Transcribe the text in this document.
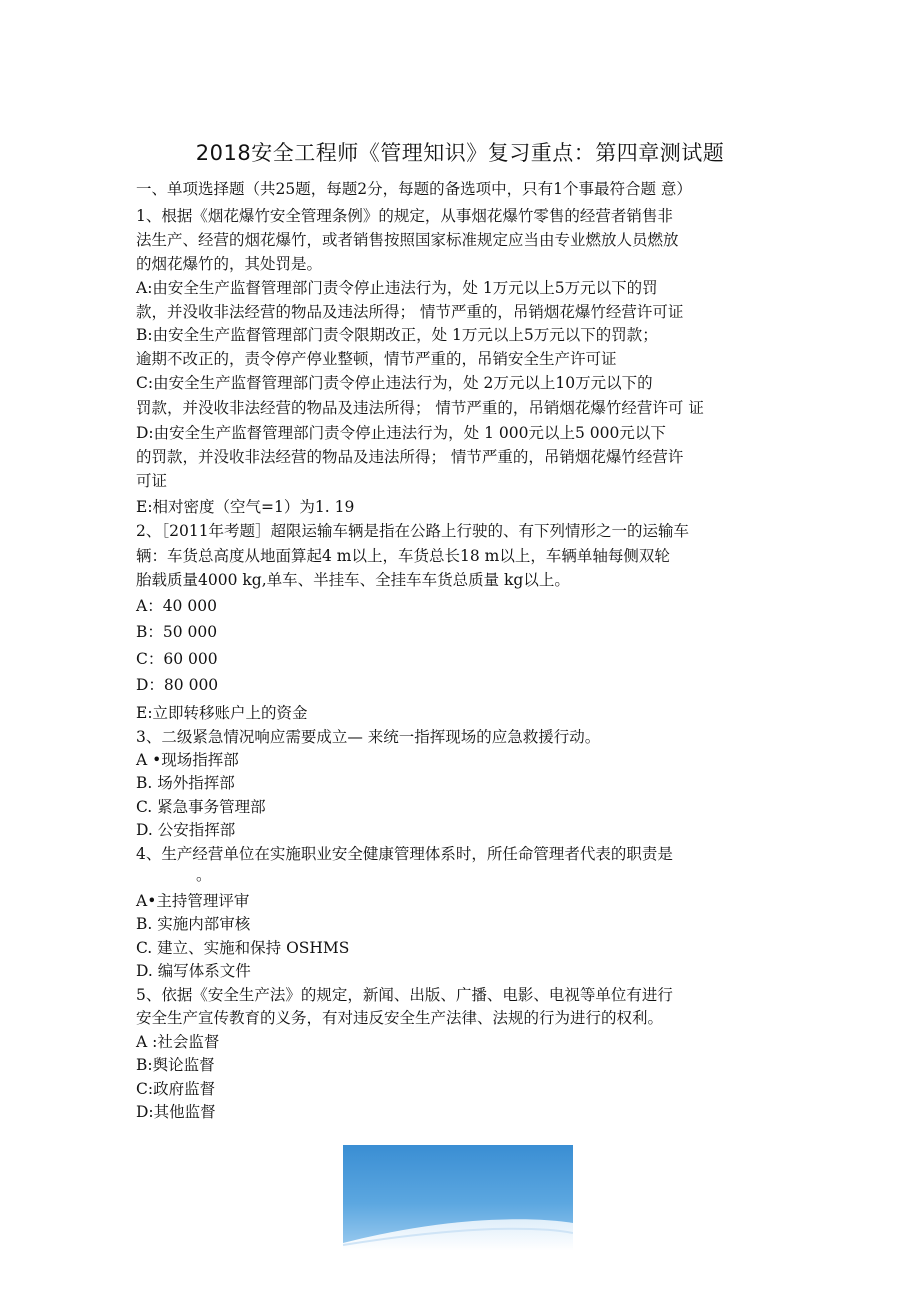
2018安全工程师《管理知识》复习重点：第四章测试题
一、单项选择题（共25题，每题2分，每题的备选项中，只有1个事最符合题 意）
1、根据《烟花爆竹安全管理条例》的规定，从事烟花爆竹零售的经营者销售非
法生产、经营的烟花爆竹，或者销售按照国家标准规定应当由专业燃放人员燃放
的烟花爆竹的，其处罚是。
A:由安全生产监督管理部门责令停止违法行为，处 1万元以上5万元以下的罚
款，并没收非法经营的物品及违法所得； 情节严重的，吊销烟花爆竹经营许可证
B:由安全生产监督管理部门责令限期改正，处 1万元以上5万元以下的罚款；
逾期不改正的，责令停产停业整顿，情节严重的，吊销安全生产许可证
C:由安全生产监督管理部门责令停止违法行为，处 2万元以上10万元以下的
罚款，并没收非法经营的物品及违法所得； 情节严重的，吊销烟花爆竹经营许可 证
D:由安全生产监督管理部门责令停止违法行为，处 1 000元以上5 000元以下
的罚款，并没收非法经营的物品及违法所得； 情节严重的，吊销烟花爆竹经营许
可证
E:相对密度（空气=1）为1. 19
2、［2011年考题］超限运输车辆是指在公路上行驶的、有下列情形之一的运输车
辆：车货总高度从地面算起4 m以上，车货总长18 m以上，车辆单轴每侧双轮
胎载质量4000 kg,单车、半挂车、全挂车车货总质量 kg以上。
A：40 000
B：50 000
C：60 000
D：80 000
E:立即转移账户上的资金
3、二级紧急情况响应需要成立— 来统一指挥现场的应急救援行动。
A •现场指挥部
B. 场外指挥部
C. 紧急事务管理部
D. 公安指挥部
4、生产经营单位在实施职业安全健康管理体系时，所任命管理者代表的职责是
。
A•主持管理评审
B. 实施内部审核
C. 建立、实施和保持 OSHMS
D. 编写体系文件
5、依据《安全生产法》的规定，新闻、出版、广播、电影、电视等单位有进行
安全生产宣传教育的义务，有对违反安全生产法律、法规的行为进行的权利。
A :社会监督
B:舆论监督
C:政府监督
D:其他监督
